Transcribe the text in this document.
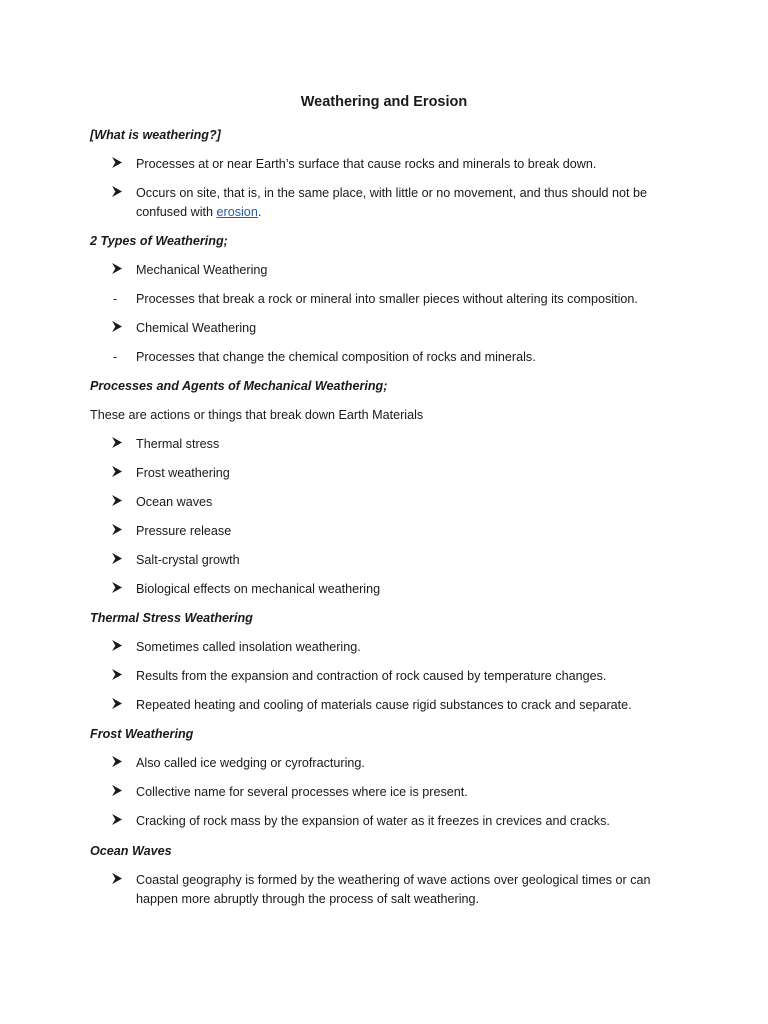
Weathering and Erosion
[What is weathering?]
Processes at or near Earth’s surface that cause rocks and minerals to break down.
Occurs on site, that is, in the same place, with little or no movement, and thus should not be
confused with erosion.
2 Types of Weathering;
Mechanical Weathering
- Processes that break a rock or mineral into smaller pieces without altering its composition.
Chemical Weathering
- Processes that change the chemical composition of rocks and minerals.
Processes and Agents of Mechanical Weathering;
These are actions or things that break down Earth Materials
Thermal stress
Frost weathering
Ocean waves
Pressure release
Salt-crystal growth
Biological effects on mechanical weathering
Thermal Stress Weathering
Sometimes called insolation weathering.
Results from the expansion and contraction of rock caused by temperature changes.
Repeated heating and cooling of materials cause rigid substances to crack and separate.
Frost Weathering
Also called ice wedging or cyrofracturing.
Collective name for several processes where ice is present.
Cracking of rock mass by the expansion of water as it freezes in crevices and cracks.
Ocean Waves
Coastal geography is formed by the weathering of wave actions over geological times or can
happen more abruptly through the process of salt weathering.
